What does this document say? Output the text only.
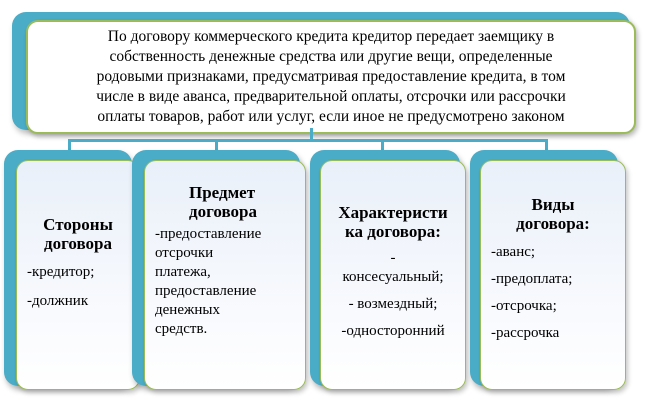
По договору коммерческого кредита кредитор передает заемщику в
собственность денежные средства или другие вещи, определенные
родовыми признаками, предусматривая предоставление кредита, в том
числе в виде аванса, предварительной оплаты, отсрочки или рассрочки
оплаты товаров, работ или услуг, если иное не предусмотрено законом
Стороны
договора

-кредитор;

-должник

Предмет
договора

-предоставление

отсрочки

платежа,

предоставление

денежных

средств.

Характеристи
ка договора:

-

консесуальный;

- возмездный;

-односторонний

Виды
договора:

-аванс;

-предоплата;

-отсрочка;

-рассрочка
